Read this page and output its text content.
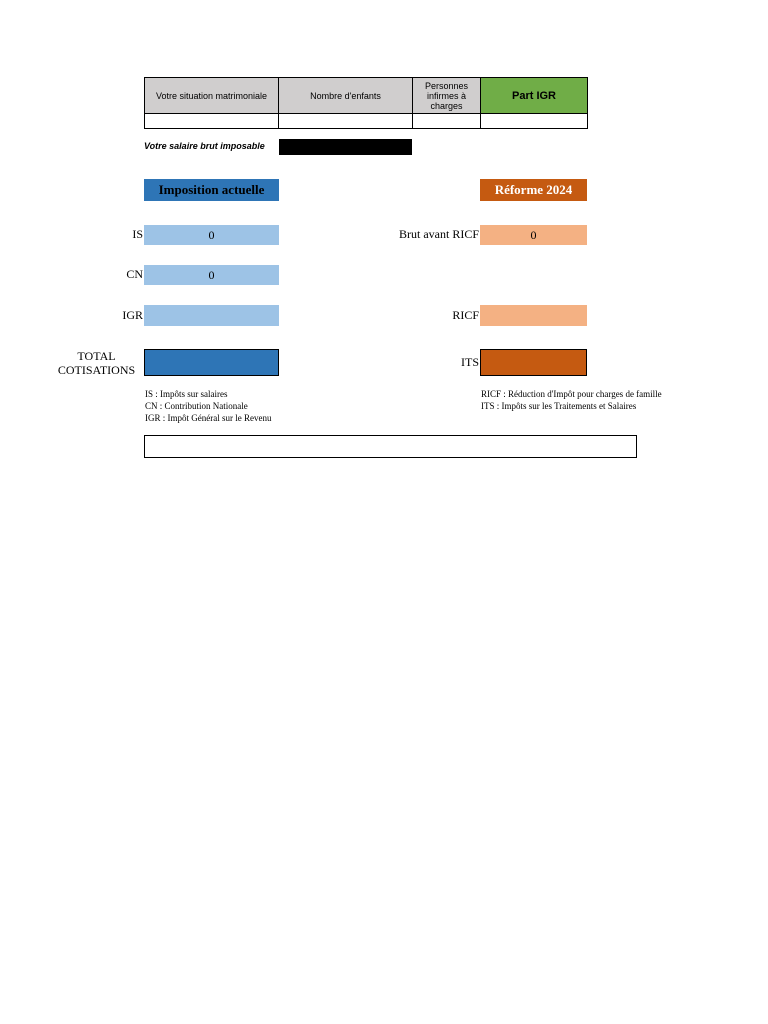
Votre situation matrimoniale	Nombre d'enfants	Personnes infirmes à charges	Part IGR

Votre salaire brut imposable
Imposition actuelle	Réforme 2024
IS	0
CN	0
IGR
TOTAL
COTISATIONS
Brut avant RICF	0
RICF
ITS
IS : Impôts sur salaires
CN : Contribution Nationale
IGR : Impôt Général sur le Revenu
RICF : Réduction d'Impôt pour charges de famille
ITS : Impôts sur les Traitements et Salaires
